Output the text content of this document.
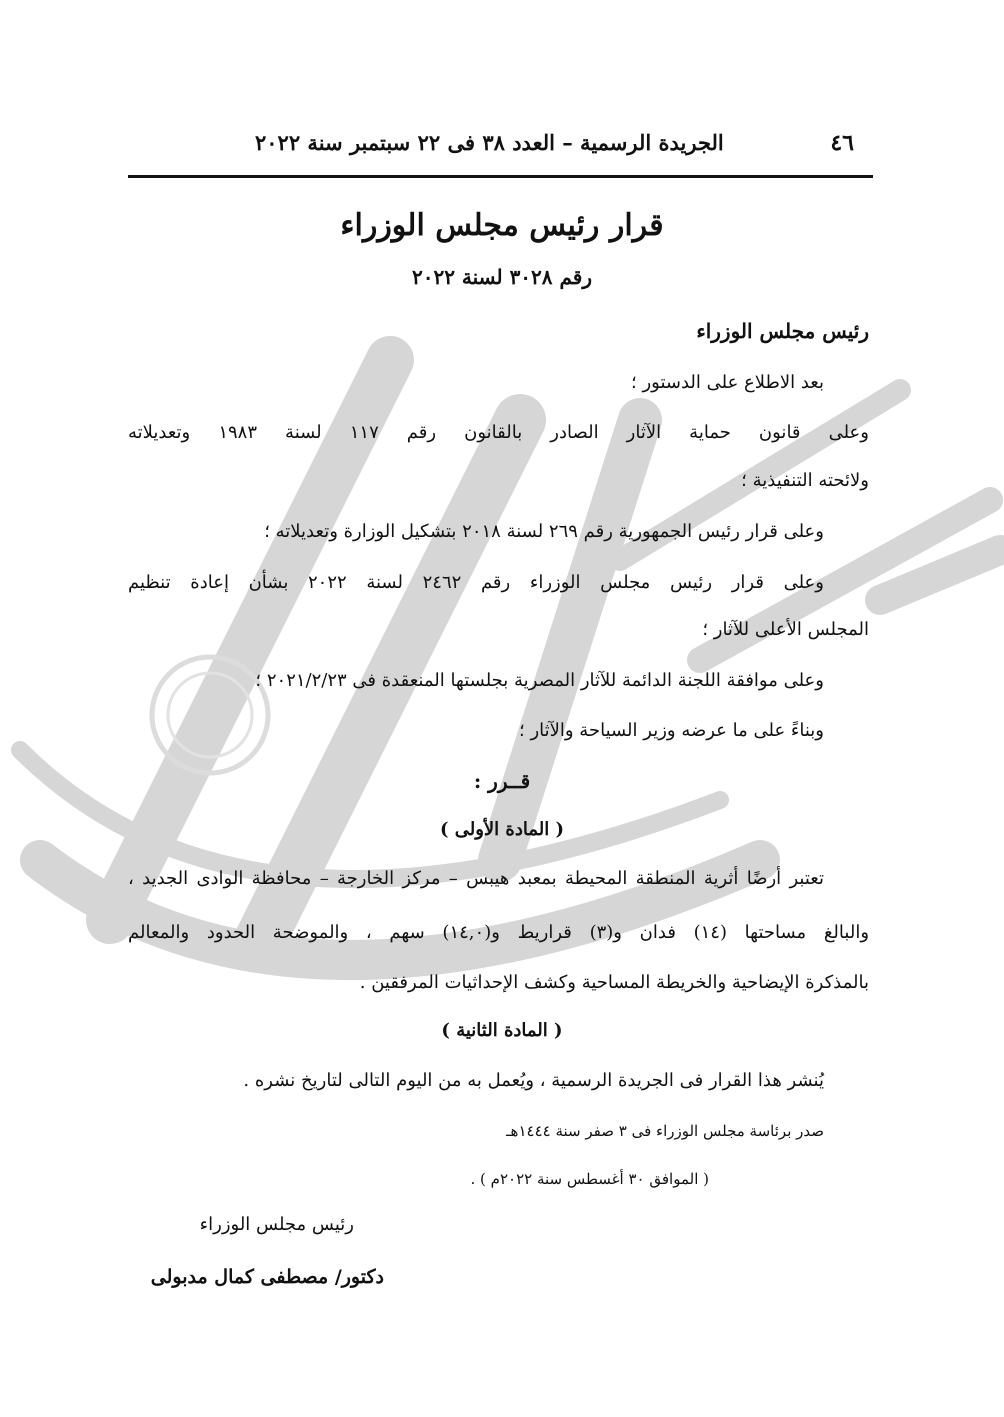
٤٦
الجريدة الرسمية – العدد ٣٨ فى ٢٢ سبتمبر سنة ٢٠٢٢
قرار رئيس مجلس الوزراء
رقم ٣٠٢٨ لسنة ٢٠٢٢
رئيس مجلس الوزراء
بعد الاطلاع على الدستور ؛
وعلى قانون حماية الآثار الصادر بالقانون رقم ١١٧ لسنة ١٩٨٣ وتعديلاته
ولائحته التنفيذية ؛
وعلى قرار رئيس الجمهورية رقم ٢٦٩ لسنة ٢٠١٨ بتشكيل الوزارة وتعديلاته ؛
وعلى قرار رئيس مجلس الوزراء رقم ٢٤٦٢ لسنة ٢٠٢٢ بشأن إعادة تنظيم
المجلس الأعلى للآثار ؛
وعلى موافقة اللجنة الدائمة للآثار المصرية بجلستها المنعقدة فى ٢٠٢١/٢/٢٣ ؛
وبناءً على ما عرضه وزير السياحة والآثار ؛
قــرر :
( المادة الأولى )
تعتبر أرضًا أثرية المنطقة المحيطة بمعبد هيبس – مركز الخارجة – محافظة الوادى الجديد ،
والبالغ مساحتها (١٤) فدان و(٣) قراريط و(١٤,٠) سهم ، والموضحة الحدود والمعالم
بالمذكرة الإيضاحية والخريطة المساحية وكشف الإحداثيات المرفقين .
( المادة الثانية )
يُنشر هذا القرار فى الجريدة الرسمية ، ويُعمل به من اليوم التالى لتاريخ نشره .
صدر برئاسة مجلس الوزراء فى ٣ صفر سنة ١٤٤٤هـ
( الموافق ٣٠ أغسطس سنة ٢٠٢٢م ) .
رئيس مجلس الوزراء
دكتور/ مصطفى كمال مدبولى
